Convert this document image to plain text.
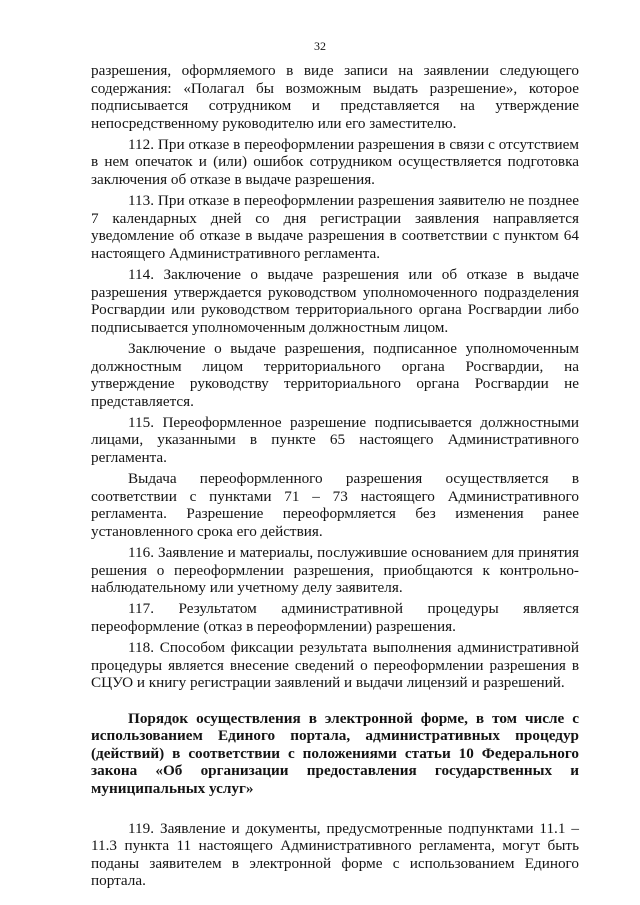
32

разрешения, оформляемого в виде записи на заявлении следующего содержания: «Полагал бы возможным выдать разрешение», которое подписывается сотрудником и представляется на утверждение непосредственному руководителю или его заместителю.

112. При отказе в переоформлении разрешения в связи с отсутствием в нем опечаток и (или) ошибок сотрудником осуществляется подготовка заключения об отказе в выдаче разрешения.

113. При отказе в переоформлении разрешения заявителю не позднее 7 календарных дней со дня регистрации заявления направляется уведомление об отказе в выдаче разрешения в соответствии с пунктом 64 настоящего Административного регламента.

114. Заключение о выдаче разрешения или об отказе в выдаче разрешения утверждается руководством уполномоченного подразделения Росгвардии или руководством территориального органа Росгвардии либо подписывается уполномоченным должностным лицом.

Заключение о выдаче разрешения, подписанное уполномоченным должностным лицом территориального органа Росгвардии, на утверждение руководству территориального органа Росгвардии не представляется.

115. Переоформленное разрешение подписывается должностными лицами, указанными в пункте 65 настоящего Административного регламента.

Выдача переоформленного разрешения осуществляется в соответствии с пунктами 71 – 73 настоящего Административного регламента. Разрешение переоформляется без изменения ранее установленного срока его действия.

116. Заявление и материалы, послужившие основанием для принятия решения о переоформлении разрешения, приобщаются к контрольно-наблюдательному или учетному делу заявителя.

117. Результатом административной процедуры является переоформление (отказ в переоформлении) разрешения.

118. Способом фиксации результата выполнения административной процедуры является внесение сведений о переоформлении разрешения в СЦУО и книгу регистрации заявлений и выдачи лицензий и разрешений.

Порядок осуществления в электронной форме, в том числе с использованием Единого портала, административных процедур (действий) в соответствии с положениями статьи 10 Федерального закона «Об организации предоставления государственных и муниципальных услуг»

119. Заявление и документы, предусмотренные подпунктами 11.1 – 11.3 пункта 11 настоящего Административного регламента, могут быть поданы заявителем в электронной форме с использованием Единого портала.
